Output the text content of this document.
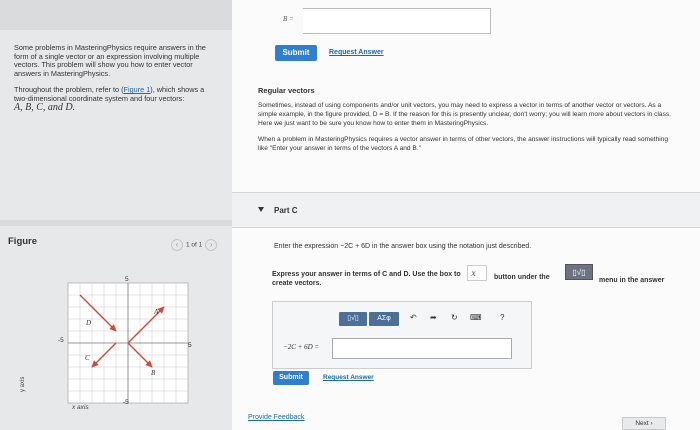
Some problems in MasteringPhysics require answers in the form of a single vector or an expression involving multiple vectors. This problem will show you how to enter vector answers in MasteringPhysics.

Throughout the problem, refer to (Figure 1), which shows a two-dimensional coordinate system and four vectors:
A, B, C, and D.

Figure	‹ 1 of 1 ›
5
5
-5
-5
A
D
C
B
y axis
x axis
B =
Submit	Request Answer
Regular vectors

Sometimes, instead of using components and/or unit vectors, you may need to express a vector in terms of another vector or vectors. As a simple example, in the figure provided, D = B. If the reason for this is presently unclear, don't worry; you will learn more about vectors in class. Here we just want to be sure you know how to enter them in MasteringPhysics.

When a problem in MasteringPhysics requires a vector answer in terms of other vectors, the answer instructions will typically read something like "Enter your answer in terms of the vectors A and B."

Part C
Enter the expression −2C + 6D in the answer box using the notation just described.
Express your answer in terms of C and D. Use the box to create vectors.
x⃗	button under the
▯√▯
menu in the answer
▯√▯	ΑΣφ	↶ ➦ ↻ ⌨ ?
−2C + 6D =
Submit	Request Answer
Provide Feedback
Next ›
